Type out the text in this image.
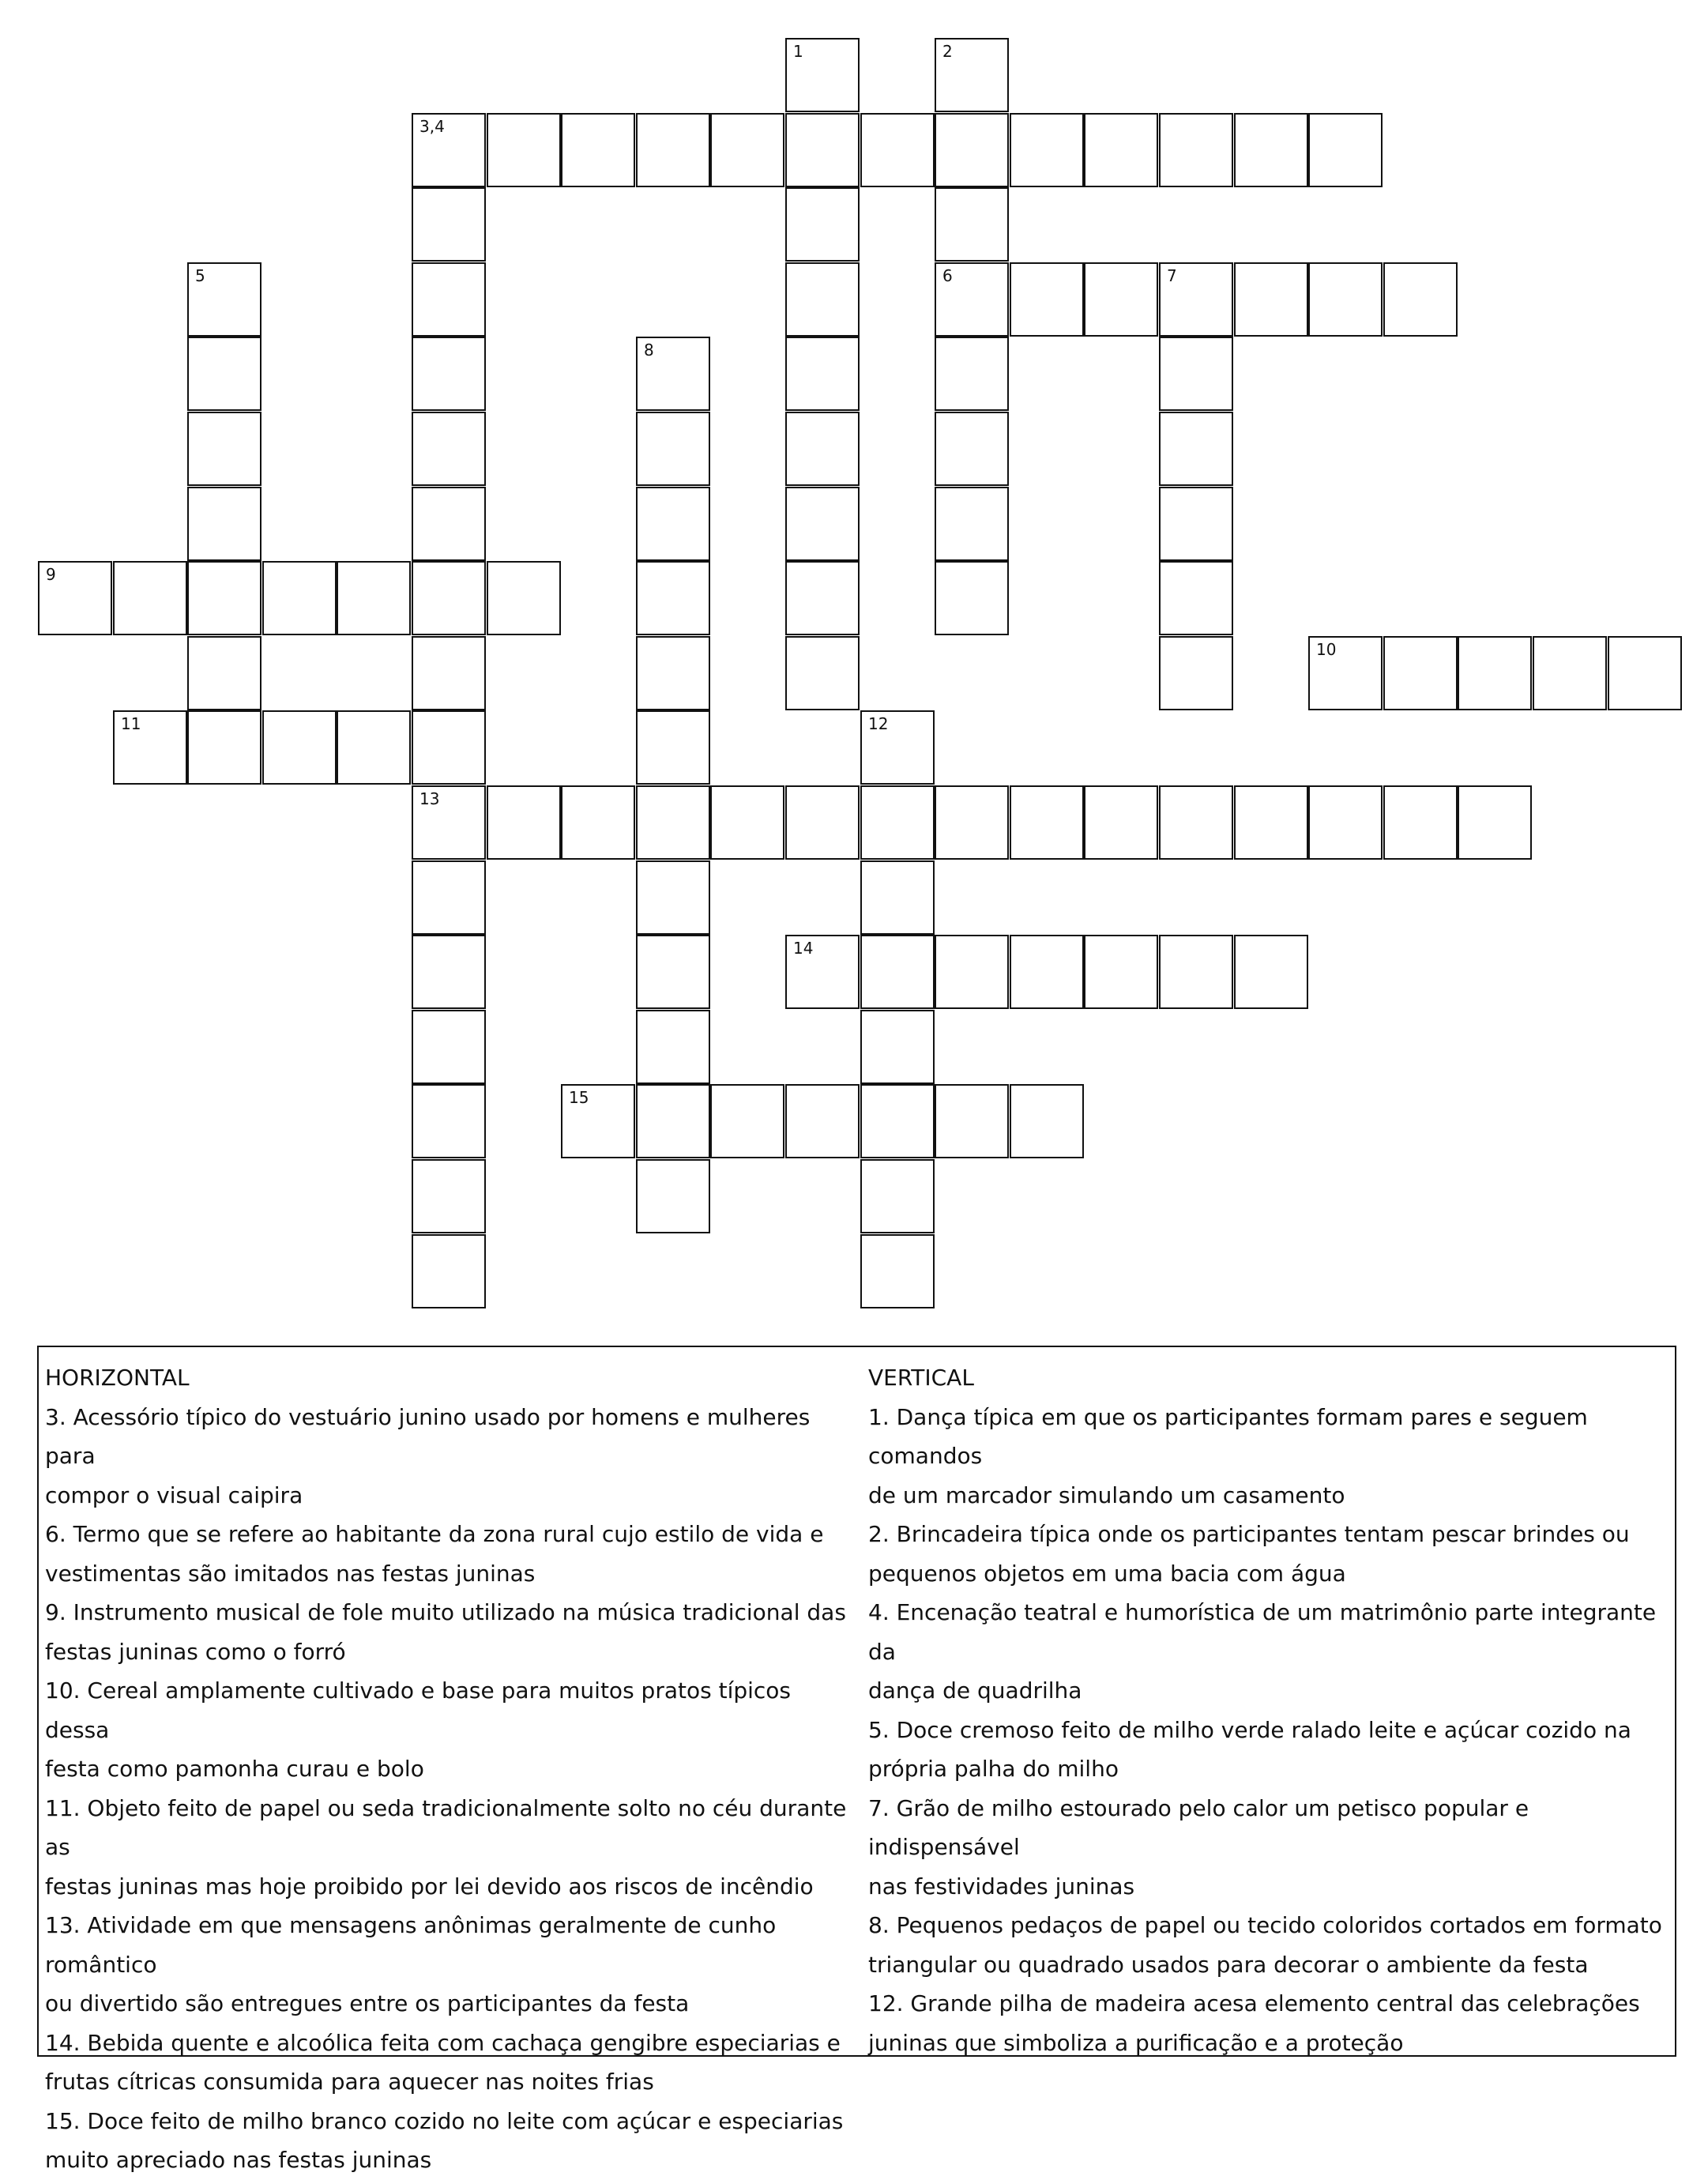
1	2
3,4
5	6	7
8
9
10
11	12
13
14
15
HORIZONTAL
3. Acessório típico do vestuário junino usado por homens e mulheres para
compor o visual caipira
6. Termo que se refere ao habitante da zona rural cujo estilo de vida e
vestimentas são imitados nas festas juninas
9. Instrumento musical de fole muito utilizado na música tradicional das
festas juninas como o forró
10. Cereal amplamente cultivado e base para muitos pratos típicos dessa
festa como pamonha curau e bolo
11. Objeto feito de papel ou seda tradicionalmente solto no céu durante as
festas juninas mas hoje proibido por lei devido aos riscos de incêndio
13. Atividade em que mensagens anônimas geralmente de cunho romântico
ou divertido são entregues entre os participantes da festa
14. Bebida quente e alcoólica feita com cachaça gengibre especiarias e
frutas cítricas consumida para aquecer nas noites frias
15. Doce feito de milho branco cozido no leite com açúcar e especiarias
muito apreciado nas festas juninas
VERTICAL
1. Dança típica em que os participantes formam pares e seguem comandos
de um marcador simulando um casamento
2. Brincadeira típica onde os participantes tentam pescar brindes ou
pequenos objetos em uma bacia com água
4. Encenação teatral e humorística de um matrimônio parte integrante da
dança de quadrilha
5. Doce cremoso feito de milho verde ralado leite e açúcar cozido na
própria palha do milho
7. Grão de milho estourado pelo calor um petisco popular e indispensável
nas festividades juninas
8. Pequenos pedaços de papel ou tecido coloridos cortados em formato
triangular ou quadrado usados para decorar o ambiente da festa
12. Grande pilha de madeira acesa elemento central das celebrações
juninas que simboliza a purificação e a proteção
